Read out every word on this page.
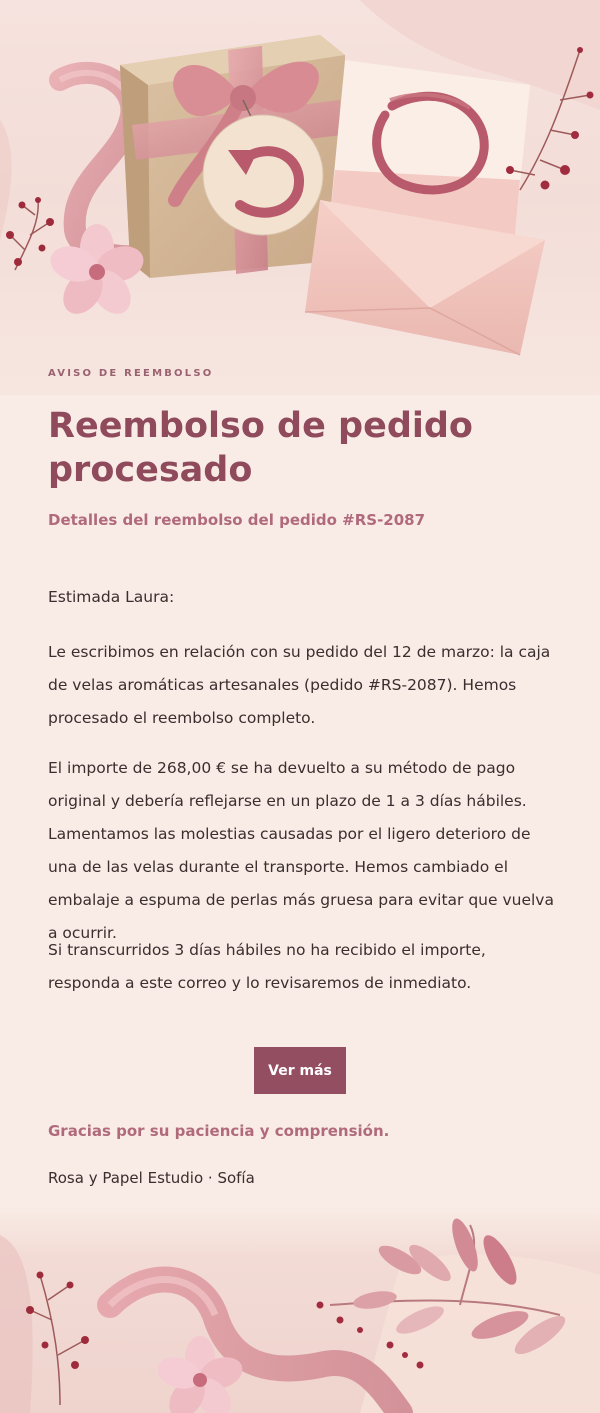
AVISO DE REEMBOLSO
Reembolso de pedido procesado
Detalles del reembolso del pedido #RS-2087
Estimada Laura:

Le escribimos en relación con su pedido del 12 de marzo: la caja de velas aromáticas artesanales (pedido #RS-2087). Hemos procesado el reembolso completo.

El importe de 268,00 € se ha devuelto a su método de pago original y debería reflejarse en un plazo de 1 a 3 días hábiles. Lamentamos las molestias causadas por el ligero deterioro de una de las velas durante el transporte. Hemos cambiado el embalaje a espuma de perlas más gruesa para evitar que vuelva a ocurrir.

Si transcurridos 3 días hábiles no ha recibido el importe, responda a este correo y lo revisaremos de inmediato.

Ver más
Gracias por su paciencia y comprensión.
Rosa y Papel Estudio · Sofía
